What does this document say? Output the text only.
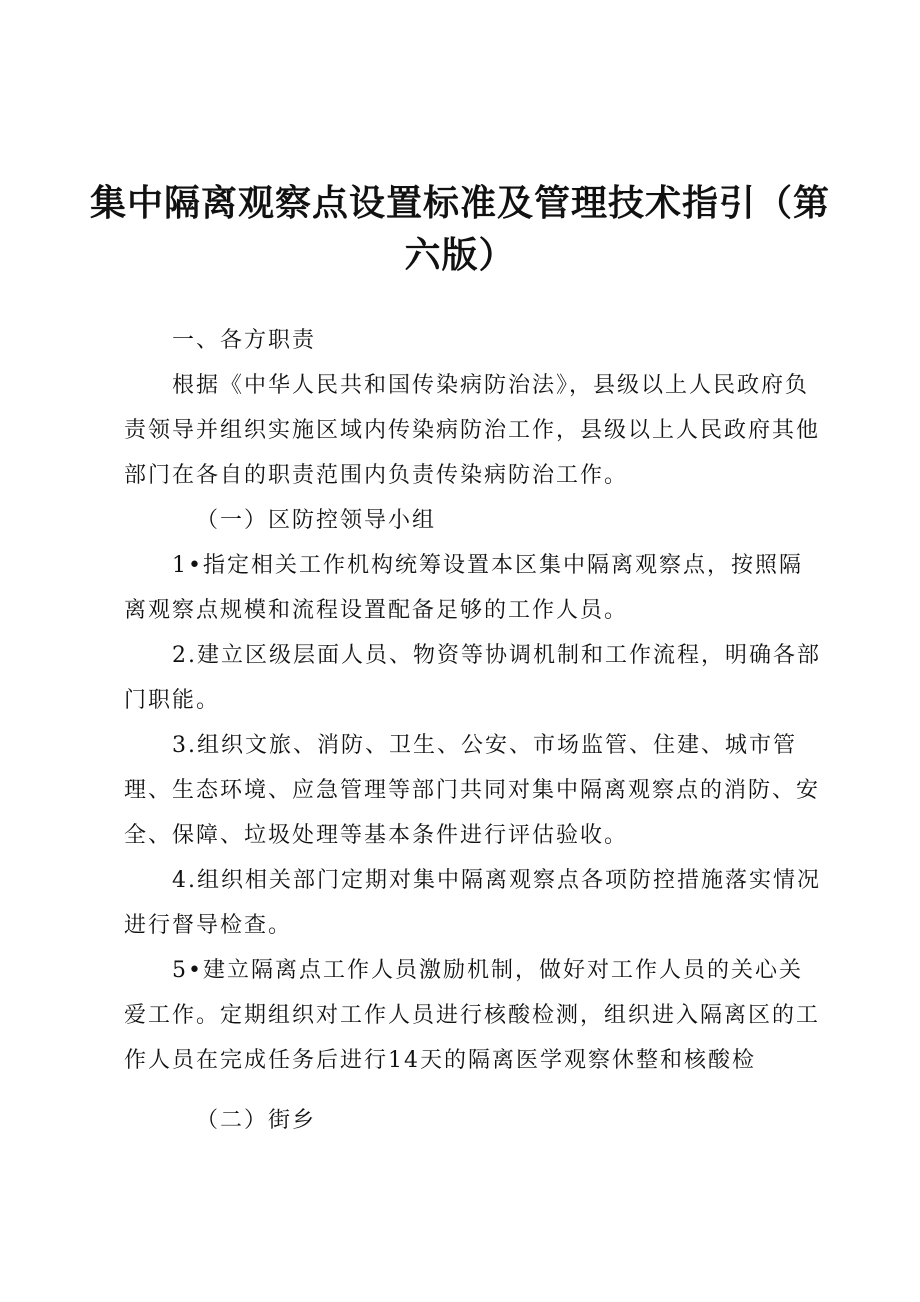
集中隔离观察点设置标准及管理技术指引（第
六版）

一、各方职责

根据《中华人民共和国传染病防治法》，县级以上人民政府负责领导并组织实施区域内传染病防治工作，县级以上人民政府其他部门在各自的职责范围内负责传染病防治工作。

（一）区防控领导小组

1•指定相关工作机构统筹设置本区集中隔离观察点，按照隔离观察点规模和流程设置配备足够的工作人员。

2.建立区级层面人员、物资等协调机制和工作流程，明确各部门职能。

3.组织文旅、消防、卫生、公安、市场监管、住建、城市管理、生态环境、应急管理等部门共同对集中隔离观察点的消防、安全、保障、垃圾处理等基本条件进行评估验收。

4.组织相关部门定期对集中隔离观察点各项防控措施落实情况进行督导检查。

5•建立隔离点工作人员激励机制，做好对工作人员的关心关爱工作。定期组织对工作人员进行核酸检测，组织进入隔离区的工作人员在完成任务后进行14天的隔离医学观察休整和核酸检

（二）街乡
